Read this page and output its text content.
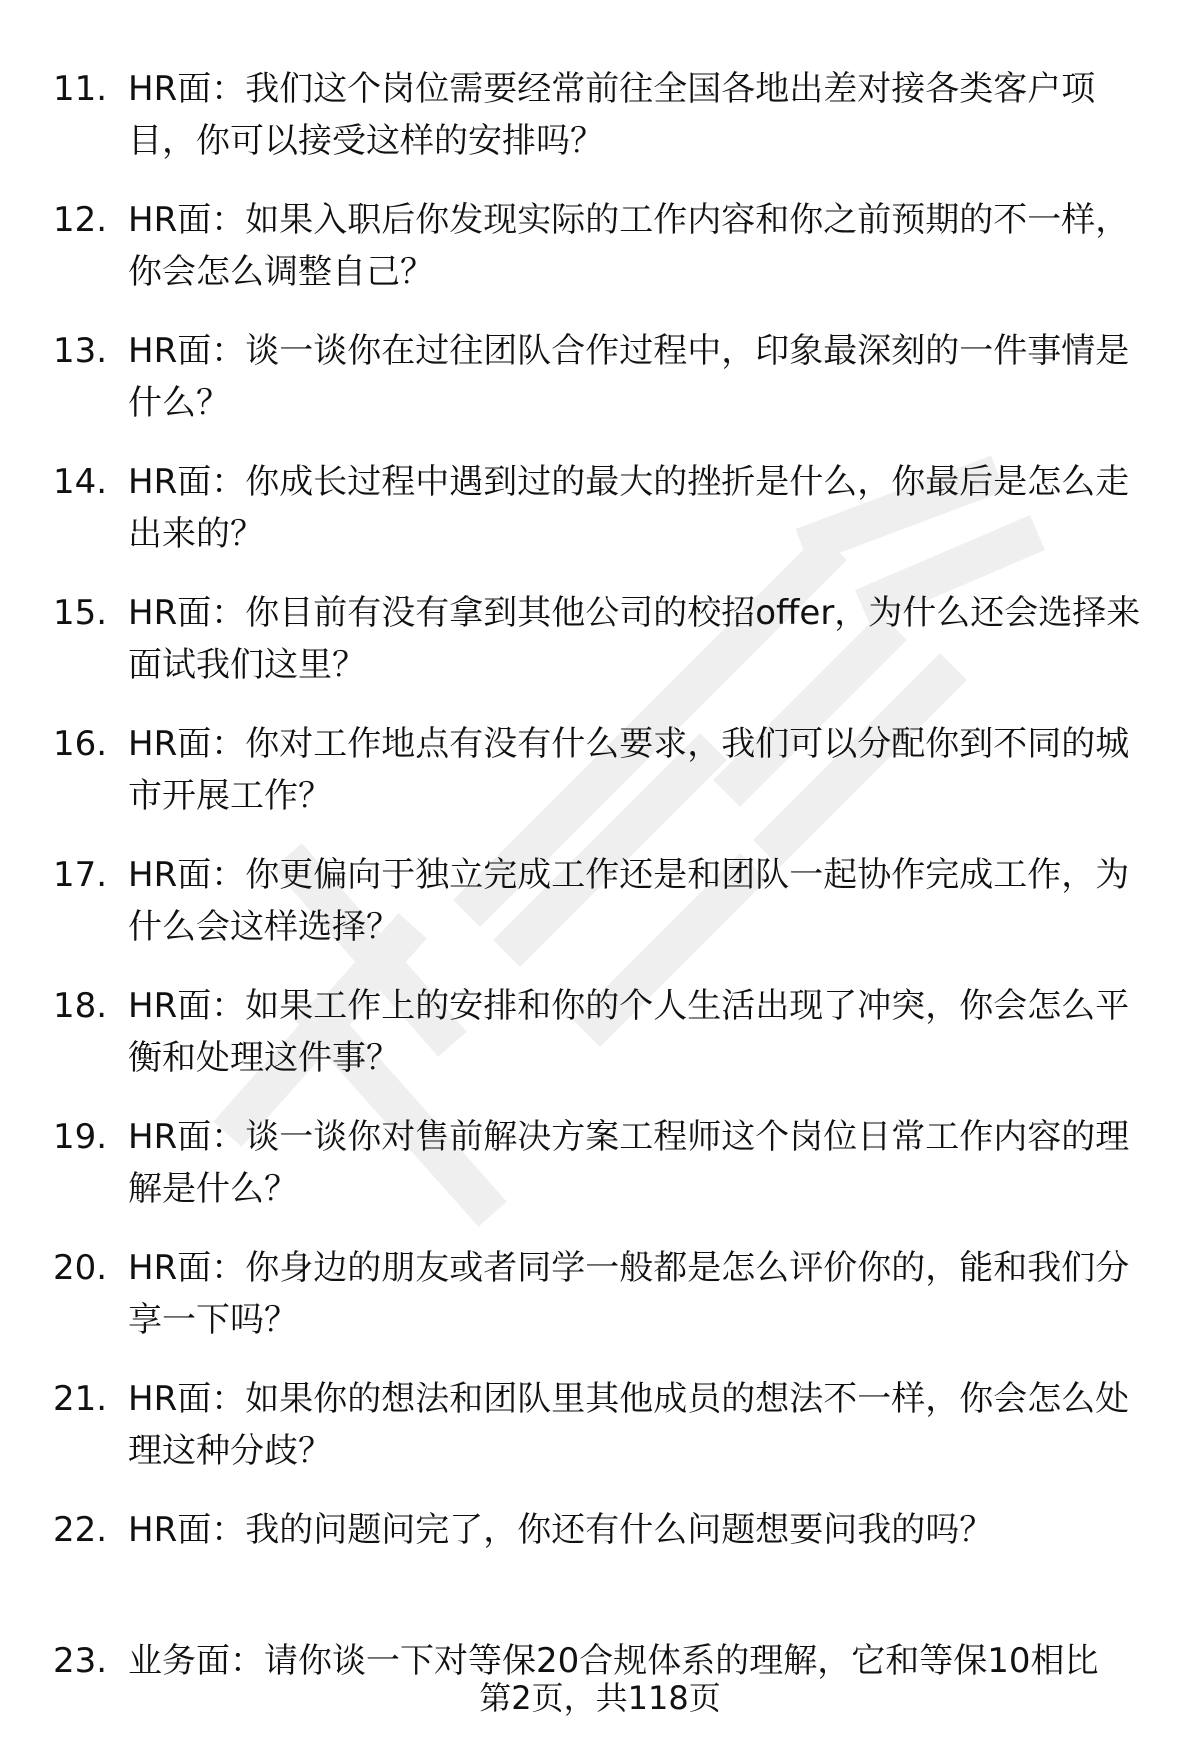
11. HR面：我们这个岗位需要经常前往全国各地出差对接各类客户项目，你可以接受这样的安排吗？
12. HR面：如果入职后你发现实际的工作内容和你之前预期的不一样，你会怎么调整自己？
13. HR面：谈一谈你在过往团队合作过程中，印象最深刻的一件事情是什么？
14. HR面：你成长过程中遇到过的最大的挫折是什么，你最后是怎么走出来的？
15. HR面：你目前有没有拿到其他公司的校招offer，为什么还会选择来面试我们这里？
16. HR面：你对工作地点有没有什么要求，我们可以分配你到不同的城市开展工作？
17. HR面：你更偏向于独立完成工作还是和团队一起协作完成工作，为什么会这样选择？
18. HR面：如果工作上的安排和你的个人生活出现了冲突，你会怎么平衡和处理这件事？
19. HR面：谈一谈你对售前解决方案工程师这个岗位日常工作内容的理解是什么？
20. HR面：你身边的朋友或者同学一般都是怎么评价你的，能和我们分享一下吗？
21. HR面：如果你的想法和团队里其他成员的想法不一样，你会怎么处理这种分歧？
22. HR面：我的问题问完了，你还有什么问题想要问我的吗？
23. 业务面：请你谈一下对等保20合规体系的理解，它和等保10相比
第2页，共118页
